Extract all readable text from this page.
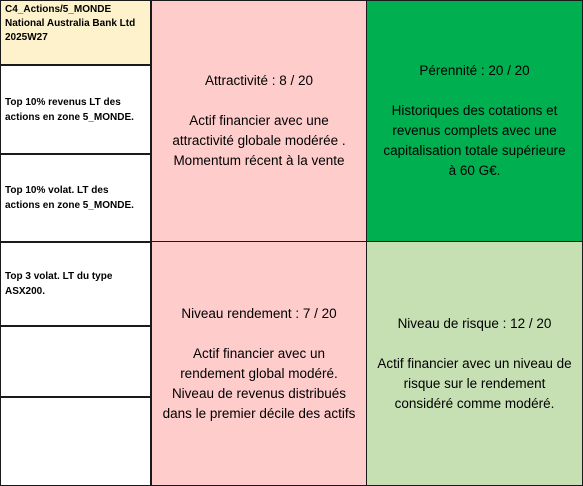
C4_Actions/5_MONDE
National Australia Bank Ltd
2025W27
Top 10% revenus LT des actions en zone 5_MONDE.
Top 10% volat. LT des actions en zone 5_MONDE.
Top 3 volat. LT du type ASX200.
Attractivité : 8 / 20
Actif financier avec une
attractivité globale modérée .
Momentum récent à la vente
Pérennité : 20 / 20
Historiques des cotations et
revenus complets avec une
capitalisation totale supérieure
à 60 G€.
Niveau rendement : 7 / 20
Actif financier avec un
rendement global modéré.
Niveau de revenus distribués
dans le premier décile des actifs
Niveau de risque : 12 / 20
Actif financier avec un niveau de
risque sur le rendement
considéré comme modéré.
